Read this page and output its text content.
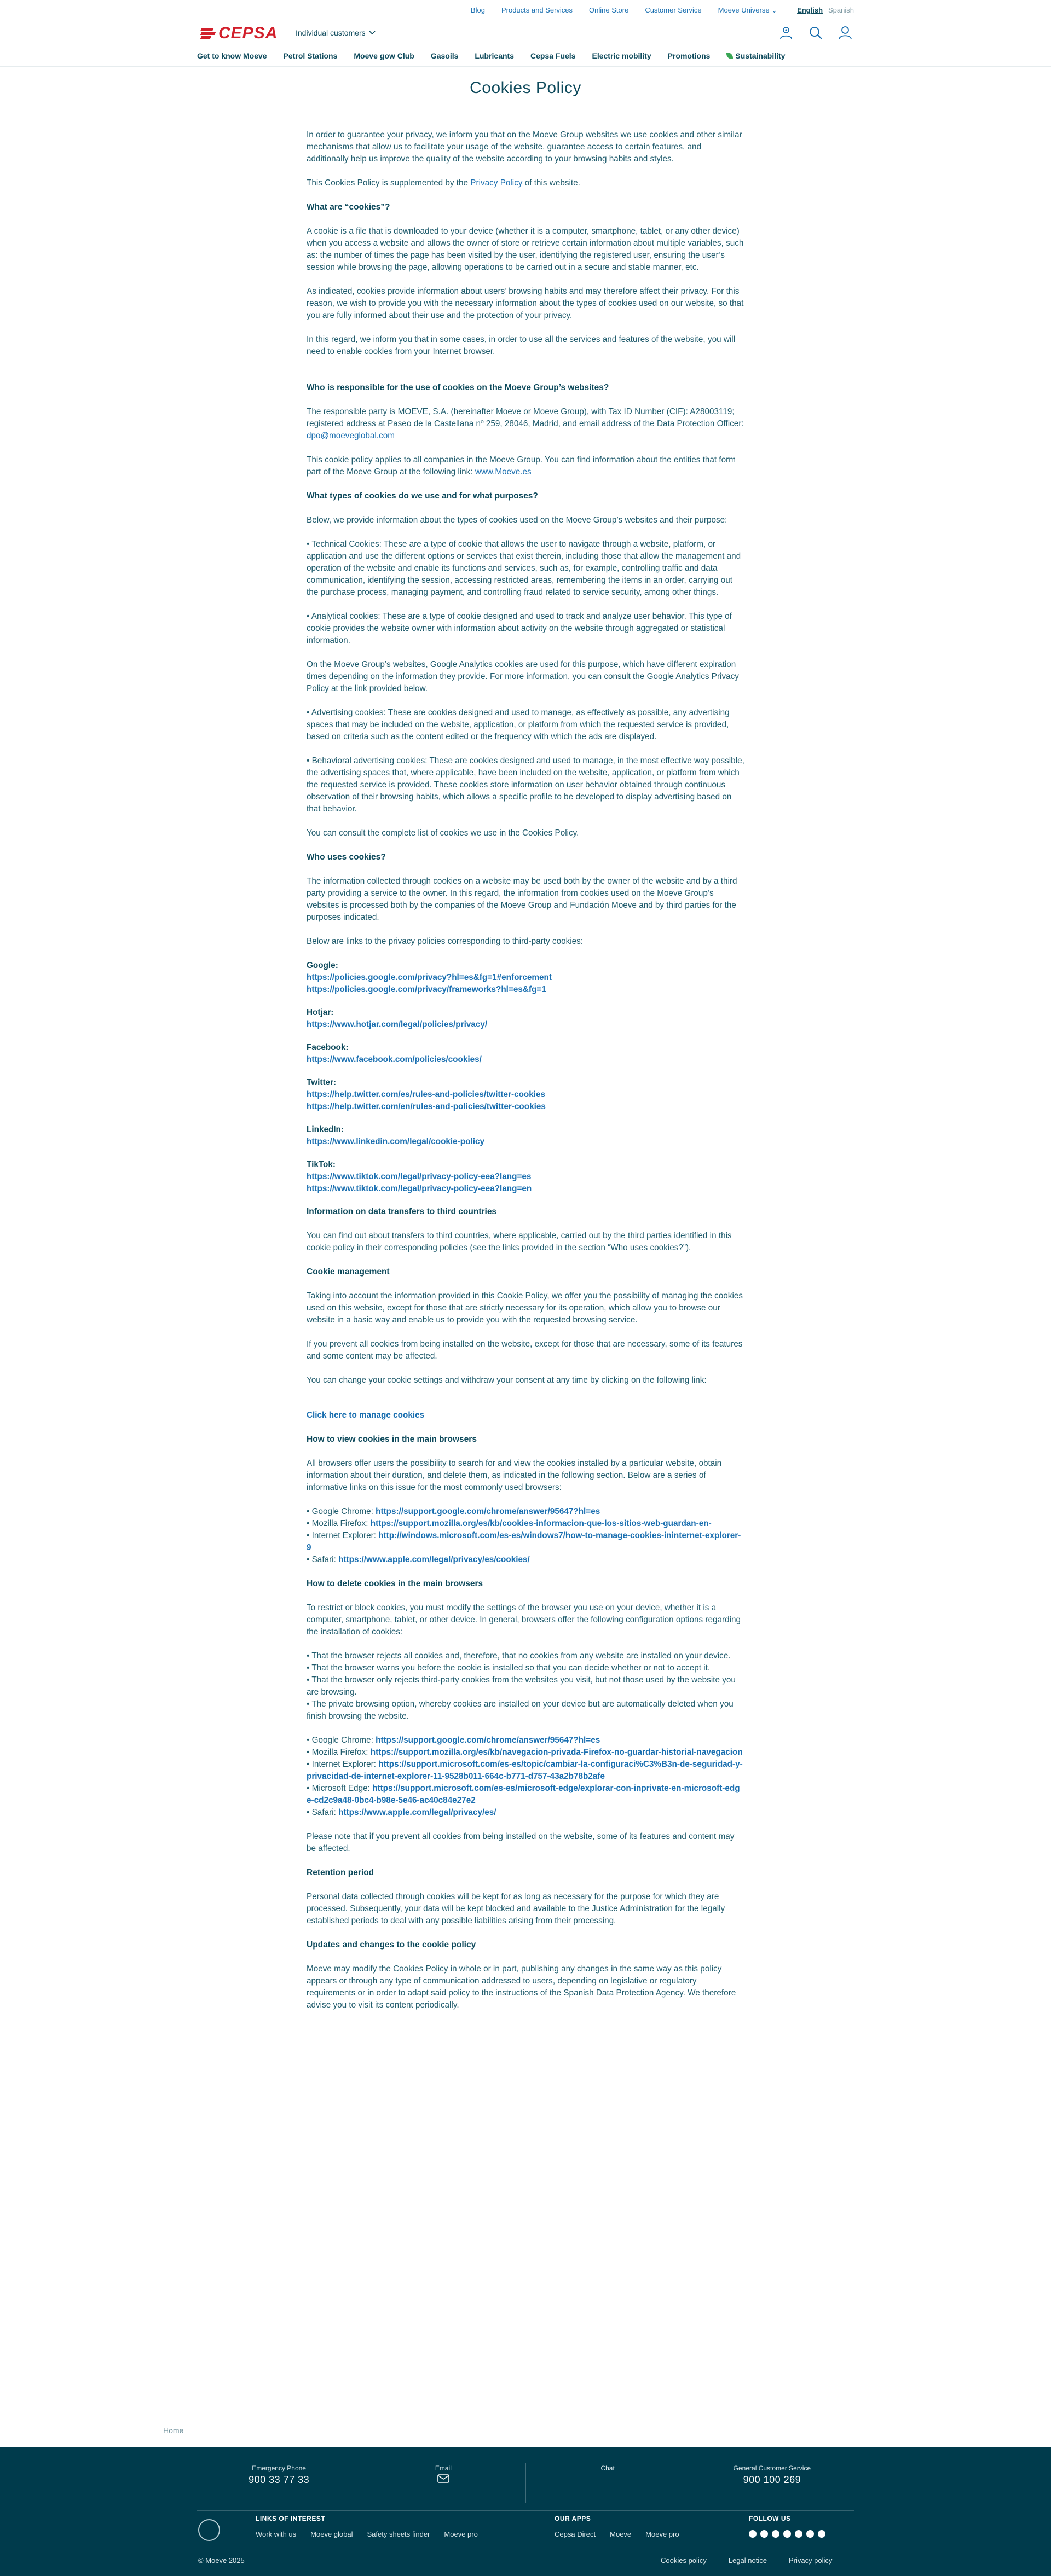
Blog Products and Services Online Store Customer Service Moeve Universe ⌄	English Spanish
CEPSA Individual customers
Get to know Moeve Petrol Stations Moeve gow Club Gasoils Lubricants Cepsa Fuels Electric mobility Promotions	Sustainability
Cookies Policy

In order to guarantee your privacy, we inform you that on the Moeve Group websites we use cookies and other similar mechanisms that allow us to facilitate your usage of the website, guarantee access to certain features, and additionally help us improve the quality of the website according to your browsing habits and styles.

This Cookies Policy is supplemented by the Privacy Policy of this website.

What are “cookies”?

A cookie is a file that is downloaded to your device (whether it is a computer, smartphone, tablet, or any other device) when you access a website and allows the owner of store or retrieve certain information about multiple variables, such as: the number of times the page has been visited by the user, identifying the registered user, ensuring the user’s session while browsing the page, allowing operations to be carried out in a secure and stable manner, etc.

As indicated, cookies provide information about users’ browsing habits and may therefore affect their privacy. For this reason, we wish to provide you with the necessary information about the types of cookies used on our website, so that you are fully informed about their use and the protection of your privacy.

In this regard, we inform you that in some cases, in order to use all the services and features of the website, you will need to enable cookies from your Internet browser.

Who is responsible for the use of cookies on the Moeve Group’s websites?

The responsible party is MOEVE, S.A. (hereinafter Moeve or Moeve Group), with Tax ID Number (CIF): A28003119; registered address at Paseo de la Castellana nº 259, 28046, Madrid, and email address of the Data Protection Officer: dpo@moeveglobal.com

This cookie policy applies to all companies in the Moeve Group. You can find information about the entities that form part of the Moeve Group at the following link: www.Moeve.es

What types of cookies do we use and for what purposes?

Below, we provide information about the types of cookies used on the Moeve Group’s websites and their purpose:

• Technical Cookies: These are a type of cookie that allows the user to navigate through a website, platform, or application and use the different options or services that exist therein, including those that allow the management and operation of the website and enable its functions and services, such as, for example, controlling traffic and data communication, identifying the session, accessing restricted areas, remembering the items in an order, carrying out the purchase process, managing payment, and controlling fraud related to service security, among other things.

• Analytical cookies: These are a type of cookie designed and used to track and analyze user behavior. This type of cookie provides the website owner with information about activity on the website through aggregated or statistical information.

On the Moeve Group’s websites, Google Analytics cookies are used for this purpose, which have different expiration times depending on the information they provide. For more information, you can consult the Google Analytics Privacy Policy at the link provided below.

• Advertising cookies: These are cookies designed and used to manage, as effectively as possible, any advertising spaces that may be included on the website, application, or platform from which the requested service is provided, based on criteria such as the content edited or the frequency with which the ads are displayed.

• Behavioral advertising cookies: These are cookies designed and used to manage, in the most effective way possible, the advertising spaces that, where applicable, have been included on the website, application, or platform from which the requested service is provided. These cookies store information on user behavior obtained through continuous observation of their browsing habits, which allows a specific profile to be developed to display advertising based on that behavior.

You can consult the complete list of cookies we use in the Cookies Policy.

Who uses cookies?

The information collected through cookies on a website may be used both by the owner of the website and by a third party providing a service to the owner. In this regard, the information from cookies used on the Moeve Group’s websites is processed both by the companies of the Moeve Group and Fundación Moeve and by third parties for the purposes indicated.

Below are links to the privacy policies corresponding to third-party cookies:

Google:
https://policies.google.com/privacy?hl=es&fg=1#enforcement
https://policies.google.com/privacy/frameworks?hl=es&fg=1
Hotjar:
https://www.hotjar.com/legal/policies/privacy/
Facebook:
https://www.facebook.com/policies/cookies/
Twitter:
https://help.twitter.com/es/rules-and-policies/twitter-cookies
https://help.twitter.com/en/rules-and-policies/twitter-cookies
LinkedIn:
https://www.linkedin.com/legal/cookie-policy
TikTok:
https://www.tiktok.com/legal/privacy-policy-eea?lang=es
https://www.tiktok.com/legal/privacy-policy-eea?lang=en
Information on data transfers to third countries

You can find out about transfers to third countries, where applicable, carried out by the third parties identified in this cookie policy in their corresponding policies (see the links provided in the section “Who uses cookies?”).

Cookie management

Taking into account the information provided in this Cookie Policy, we offer you the possibility of managing the cookies used on this website, except for those that are strictly necessary for its operation, which allow you to browse our website in a basic way and enable us to provide you with the requested browsing service.

If you prevent all cookies from being installed on the website, except for those that are necessary, some of its features and some content may be affected.

You can change your cookie settings and withdraw your consent at any time by clicking on the following link:

Click here to manage cookies
How to view cookies in the main browsers

All browsers offer users the possibility to search for and view the cookies installed by a particular website, obtain information about their duration, and delete them, as indicated in the following section. Below are a series of informative links on this issue for the most commonly used browsers:

• Google Chrome: https://support.google.com/chrome/answer/95647?hl=es
• Mozilla Firefox: https://support.mozilla.org/es/kb/cookies-informacion-que-los-sitios-web-guardan-en-
• Internet Explorer: http://windows.microsoft.com/es-es/windows7/how-to-manage-cookies-ininternet-explorer-9
• Safari: https://www.apple.com/legal/privacy/es/cookies/
How to delete cookies in the main browsers

To restrict or block cookies, you must modify the settings of the browser you use on your device, whether it is a computer, smartphone, tablet, or other device. In general, browsers offer the following configuration options regarding the installation of cookies:

• That the browser rejects all cookies and, therefore, that no cookies from any website are installed on your device.
• That the browser warns you before the cookie is installed so that you can decide whether or not to accept it.
• That the browser only rejects third-party cookies from the websites you visit, but not those used by the website you are browsing.
• The private browsing option, whereby cookies are installed on your device but are automatically deleted when you finish browsing the website.
• Google Chrome: https://support.google.com/chrome/answer/95647?hl=es
• Mozilla Firefox: https://support.mozilla.org/es/kb/navegacion-privada-Firefox-no-guardar-historial-navegacion
• Internet Explorer: https://support.microsoft.com/es-es/topic/cambiar-la-configuraci%C3%B3n-de-seguridad-y-privacidad-de-internet-explorer-11-9528b011-664c-b771-d757-43a2b78b2afe
• Microsoft Edge: https://support.microsoft.com/es-es/microsoft-edge/explorar-con-inprivate-en-microsoft-edge-cd2c9a48-0bc4-b98e-5e46-ac40c84e27e2
• Safari: https://www.apple.com/legal/privacy/es/

Please note that if you prevent all cookies from being installed on the website, some of its features and content may be affected.

Retention period

Personal data collected through cookies will be kept for as long as necessary for the purpose for which they are processed. Subsequently, your data will be kept blocked and available to the Justice Administration for the legally established periods to deal with any possible liabilities arising from their processing.

Updates and changes to the cookie policy

Moeve may modify the Cookies Policy in whole or in part, publishing any changes in the same way as this policy appears or through any type of communication addressed to users, depending on legislative or regulatory requirements or in order to adapt said policy to the instructions of the Spanish Data Protection Agency. We therefore advise you to visit its content periodically.

Home
Emergency Phone
900 33 77 33
Email	Chat	General Customer Service
900 100 269
LINKS OF INTEREST
Work with us Moeve global Safety sheets finder Moeve pro
OUR APPS
Cepsa Direct Moeve Moeve pro
FOLLOW US
© Moeve 2025	Cookies policy	Legal notice	Privacy policy
